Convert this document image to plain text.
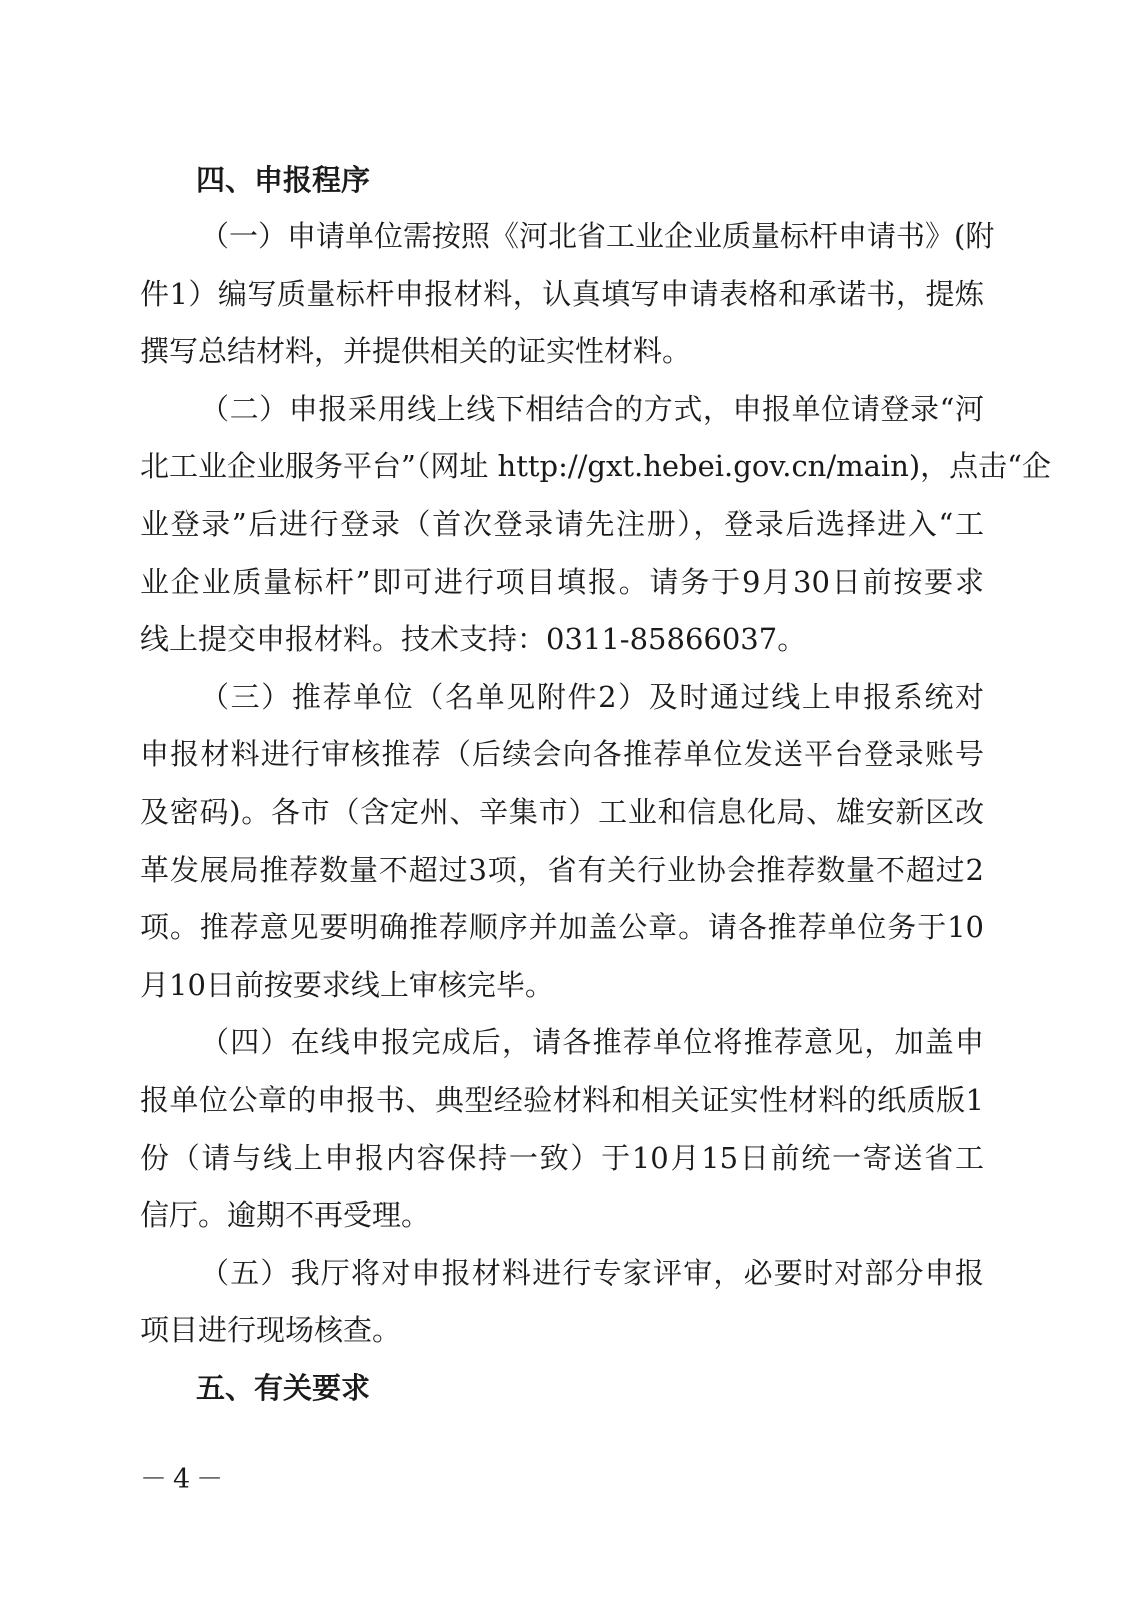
四、申报程序

（一）申请单位需按照《河北省工业企业质量标杆申请书》(附
件1）编写质量标杆申报材料，认真填写申请表格和承诺书，提炼
撰写总结材料，并提供相关的证实性材料。

（二）申报采用线上线下相结合的方式，申报单位请登录“河
北工业企业服务平台”（网址 http://gxt.hebei.gov.cn/main)，点击“企
业登录”后进行登录（首次登录请先注册），登录后选择进入“工
业企业质量标杆”即可进行项目填报。请务于9月30日前按要求
线上提交申报材料。技术支持：0311-85866037。

（三）推荐单位（名单见附件2）及时通过线上申报系统对
申报材料进行审核推荐（后续会向各推荐单位发送平台登录账号
及密码)。各市（含定州、辛集市）工业和信息化局、雄安新区改
革发展局推荐数量不超过3项，省有关行业协会推荐数量不超过2
项。推荐意见要明确推荐顺序并加盖公章。请各推荐单位务于10
月10日前按要求线上审核完毕。

（四）在线申报完成后，请各推荐单位将推荐意见，加盖申
报单位公章的申报书、典型经验材料和相关证实性材料的纸质版1
份（请与线上申报内容保持一致）于10月15日前统一寄送省工
信厅。逾期不再受理。

（五）我厅将对申报材料进行专家评审，必要时对部分申报
项目进行现场核查。

五、有关要求

－4－
